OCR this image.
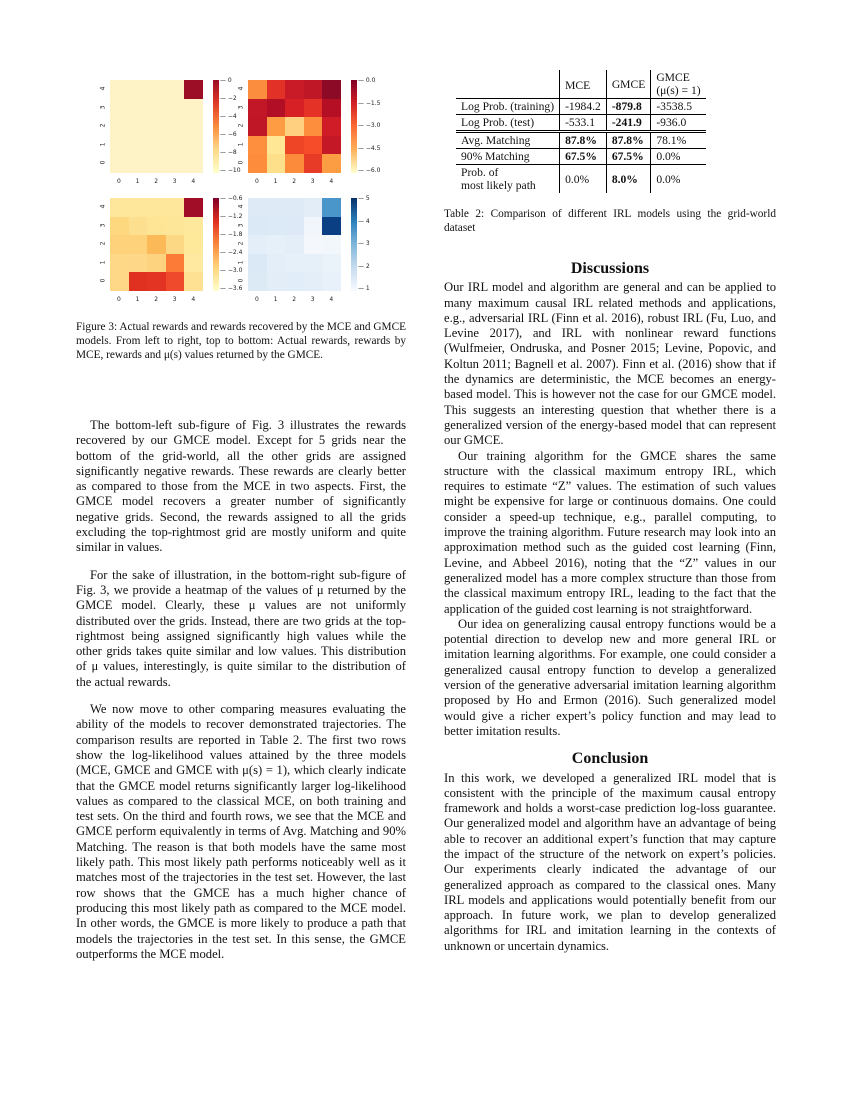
4
3
2
1
0
0 1 2 3 4
— 0
— −2
— −4
— −6
— −8
— −10
4
3
2
1
0
0 1 2 3 4
— 0.0
— −1.5
— −3.0
— −4.5
— −6.0
4
3
2
1
0
0 1 2 3 4
— −0.6
— −1.2
— −1.8
— −2.4
— −3.0
— −3.6
4
3
2
1
0
0 1 2 3 4
— 5
— 4
— 3
— 2
— 1
Figure 3: Actual rewards and rewards recovered by the MCE and GMCE models. From left to right, top to bottom: Actual rewards, rewards by MCE, rewards and μ(s) values returned by the GMCE.

The bottom-left sub-figure of Fig. 3 illustrates the rewards recovered by our GMCE model. Except for 5 grids near the bottom of the grid-world, all the other grids are assigned significantly negative rewards. These rewards are clearly better as compared to those from the MCE in two aspects. First, the GMCE model recovers a greater number of significantly negative grids. Second, the rewards assigned to all the grids excluding the top-rightmost grid are mostly uniform and quite similar in values.

For the sake of illustration, in the bottom-right sub-figure of Fig. 3, we provide a heatmap of the values of μ returned by the GMCE model. Clearly, these μ values are not uniformly distributed over the grids. Instead, there are two grids at the top-rightmost being assigned significantly high values while the other grids takes quite similar and low values. This distribution of μ values, interestingly, is quite similar to the distribution of the actual rewards.

We now move to other comparing measures evaluating the ability of the models to recover demonstrated trajectories. The comparison results are reported in Table 2. The first two rows show the log-likelihood values attained by the three models (MCE, GMCE and GMCE with μ(s) = 1), which clearly indicate that the GMCE model returns significantly larger log-likelihood values as compared to the classical MCE, on both training and test sets. On the third and fourth rows, we see that the MCE and GMCE perform equivalently in terms of Avg. Matching and 90% Matching. The reason is that both models have the same most likely path. This most likely path performs noticeably well as it matches most of the trajectories in the test set. However, the last row shows that the GMCE has a much higher chance of producing this most likely path as compared to the MCE model. In other words, the GMCE is more likely to produce a path that models the trajectories in the test set. In this sense, the GMCE outperforms the MCE model.

	MCE	GMCE	GMCE
(μ(s) = 1)
Log Prob. (training)	-1984.2	-879.8	-3538.5
Log Prob. (test)	-533.1	-241.9	-936.0
Avg. Matching	87.8%	87.8%	78.1%
90% Matching	67.5%	67.5%	0.0%
Prob. of
most likely path	0.0%	8.0%	0.0%
Table 2: Comparison of different IRL models using the grid-world dataset
Discussions

Our IRL model and algorithm are general and can be applied to many maximum causal IRL related methods and applications, e.g., adversarial IRL (Finn et al. 2016), robust IRL (Fu, Luo, and Levine 2017), and IRL with nonlinear reward functions (Wulfmeier, Ondruska, and Posner 2015; Levine, Popovic, and Koltun 2011; Bagnell et al. 2007). Finn et al. (2016) show that if the dynamics are deterministic, the MCE becomes an energy-based model. This is however not the case for our GMCE model. This suggests an interesting question that whether there is a generalized version of the energy-based model that can represent our GMCE.

Our training algorithm for the GMCE shares the same structure with the classical maximum entropy IRL, which requires to estimate “Z” values. The estimation of such values might be expensive for large or continuous domains. One could consider a speed-up technique, e.g., parallel computing, to improve the training algorithm. Future research may look into an approximation method such as the guided cost learning (Finn, Levine, and Abbeel 2016), noting that the “Z” values in our generalized model has a more complex structure than those from the classical maximum entropy IRL, leading to the fact that the application of the guided cost learning is not straightforward.

Our idea on generalizing causal entropy functions would be a potential direction to develop new and more general IRL or imitation learning algorithms. For example, one could consider a generalized causal entropy function to develop a generalized version of the generative adversarial imitation learning algorithm proposed by Ho and Ermon (2016). Such generalized model would give a richer expert’s policy function and may lead to better imitation results.

Conclusion

In this work, we developed a generalized IRL model that is consistent with the principle of the maximum causal entropy framework and holds a worst-case prediction log-loss guarantee. Our generalized model and algorithm have an advantage of being able to recover an additional expert’s function that may capture the impact of the structure of the network on expert’s policies. Our experiments clearly indicated the advantage of our generalized approach as compared to the classical ones. Many IRL models and applications would potentially benefit from our approach. In future work, we plan to develop generalized algorithms for IRL and imitation learning in the contexts of unknown or uncertain dynamics.
